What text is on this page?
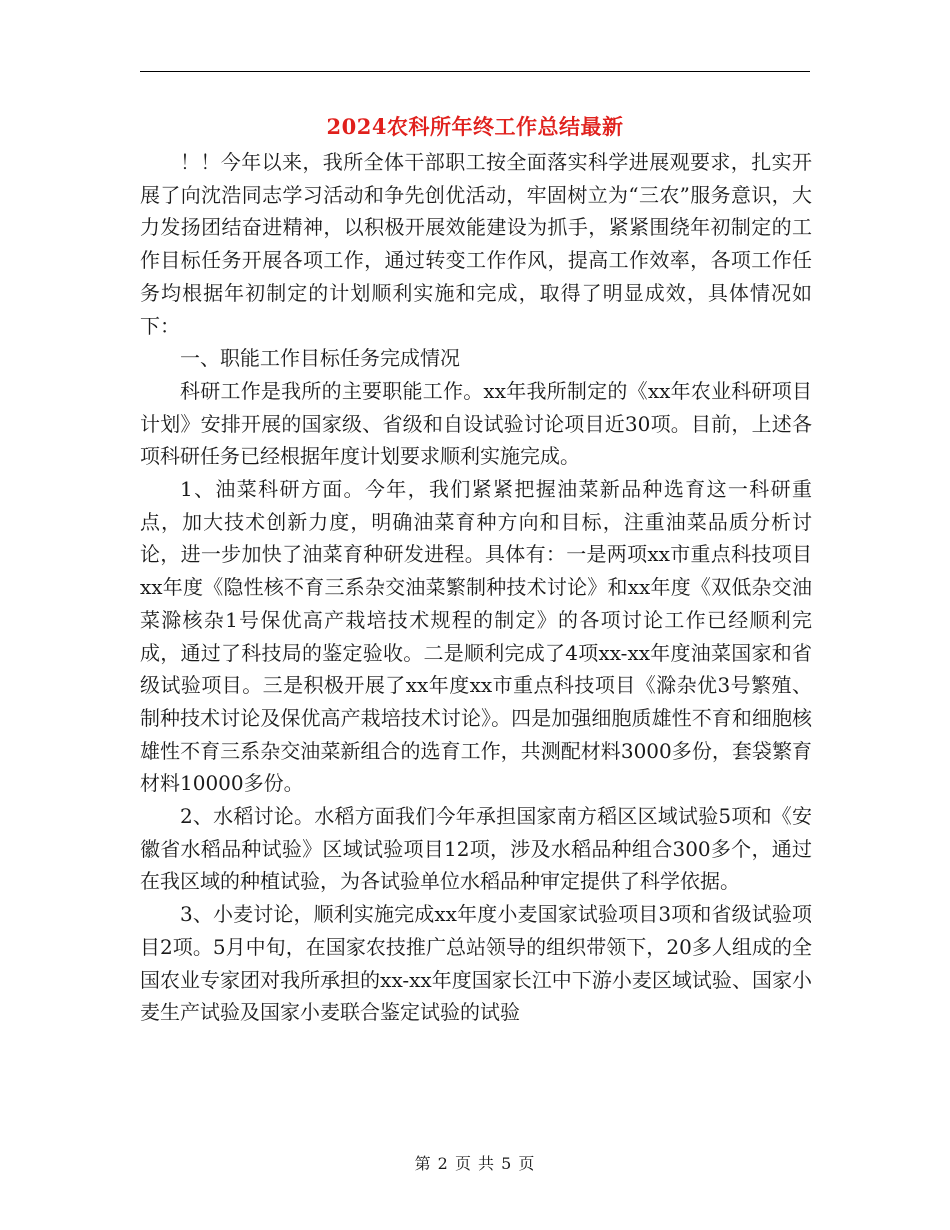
2024农科所年终工作总结最新

！！今年以来，我所全体干部职工按全面落实科学进展观要求，扎实开展了向沈浩同志学习活动和争先创优活动，牢固树立为“三农”服务意识，大力发扬团结奋进精神，以积极开展效能建设为抓手，紧紧围绕年初制定的工作目标任务开展各项工作，通过转变工作作风，提高工作效率，各项工作任务均根据年初制定的计划顺利实施和完成，取得了明显成效，具体情况如下：

一、职能工作目标任务完成情况

科研工作是我所的主要职能工作。xx年我所制定的《xx年农业科研项目计划》安排开展的国家级、省级和自设试验讨论项目近30项。目前，上述各项科研任务已经根据年度计划要求顺利实施完成。

1、油菜科研方面。今年，我们紧紧把握油菜新品种选育这一科研重点，加大技术创新力度，明确油菜育种方向和目标，注重油菜品质分析讨论，进一步加快了油菜育种研发进程。具体有：一是两项xx市重点科技项目xx年度《隐性核不育三系杂交油菜繁制种技术讨论》和xx年度《双低杂交油菜滁核杂1号保优高产栽培技术规程的制定》的各项讨论工作已经顺利完成，通过了科技局的鉴定验收。二是顺利完成了4项xx-xx年度油菜国家和省级试验项目。三是积极开展了xx年度xx市重点科技项目《滁杂优3号繁殖、制种技术讨论及保优高产栽培技术讨论》。四是加强细胞质雄性不育和细胞核雄性不育三系杂交油菜新组合的选育工作，共测配材料3000多份，套袋繁育材料10000多份。

2、水稻讨论。水稻方面我们今年承担国家南方稻区区域试验5项和《安徽省水稻品种试验》区域试验项目12项，涉及水稻品种组合300多个，通过在我区域的种植试验，为各试验单位水稻品种审定提供了科学依据。

3、小麦讨论，顺利实施完成xx年度小麦国家试验项目3项和省级试验项目2项。5月中旬，在国家农技推广总站领导的组织带领下，20多人组成的全国农业专家团对我所承担的xx-xx年度国家长江中下游小麦区域试验、国家小麦生产试验及国家小麦联合鉴定试验的试验

第 2 页 共 5 页
